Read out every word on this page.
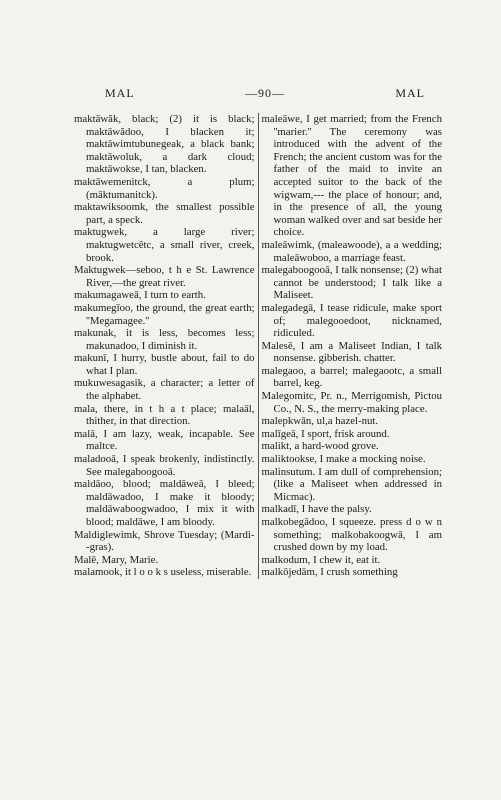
MAL	—90—	MAL

maktāwăk, black; (2) it is black; maktāwădoo, I blacken it; maktāwimtubunegeak, a black bank; maktāwoluk, a dark cloud; maktāwokse, I tan, blacken.

maktāwemenitck, a plum; (māktumanitck).

maktawiksoomk, the smallest possible part, a speck.

maktugwek, a large river; maktugwetcētc, a small river, creek, brook.

Maktugwek—seboo, t h e St. Lawrence River,—the great river.

makumagaweā, I turn to earth.

makumegīoo, the ground, the great earth; ''Megamagee.''

makunak, it is less, becomes less; makunadoo, I diminish it.

makunī, I hurry, bustle about, fail to do what I plan.

mukuwesagasik, a character; a letter of the alphabet.

mala, there, in t h a t place; malaāl, thither, in that direction.

malā, I am lazy, weak, incapable. See maltce.

maladooā, I speak brokenly, indistinctly. See malegaboogooā.

maldāoo, blood; maldāweā, I bleed; maldāwadoo, I make it bloody; maldāwaboogwadoo, I mix it with blood; maldāwe, I am bloody.

Maldiglewimk, Shrove Tuesday; (Mardi--gras).

Malē, Mary, Marie.

malamook, it l o o k s useless, miserable.

maleāwe, I get married; from the French ''marier.'' The ceremony was introduced with the advent of the French; the ancient custom was for the father of the maid to invite an accepted suitor to the back of the wigwam,--- the place of honour; and, in the presence of all, the young woman walked over and sat beside her choice.

maleāwimk, (maleawoode), a a wedding; maleāwoboo, a marriage feast.

malegaboogooā, I talk nonsense; (2) what cannot be understood; I talk like a Maliseet.

malegadegā, I tease ridicule, make sport of; malegooedoot, nicknamed, ridiculed.

Malesē, I am a Maliseet Indian, I talk nonsense. gibberish. chatter.

malegaoo, a barrel; malegaootc, a small barrel, keg.

Malegomitc, Pr. n., Merrigomish, Pictou Co., N. S., the merry-making place.

malepkwān, ul,a hazel-nut.

malīgeā, I sport, frisk around.

malikt, a hard-wood grove.

maliktookse, I make a mocking noise.

malinsutum. I am dull of comprehension; (like a Maliseet when addressed in Micmac).

malkadī, I have the palsy.

malkobegādoo, I squeeze. press d o w n something; malkobakoogwā, I am crushed down by my load.

malkodum, I chew it, eat it.

malkōjedām, I crush something
